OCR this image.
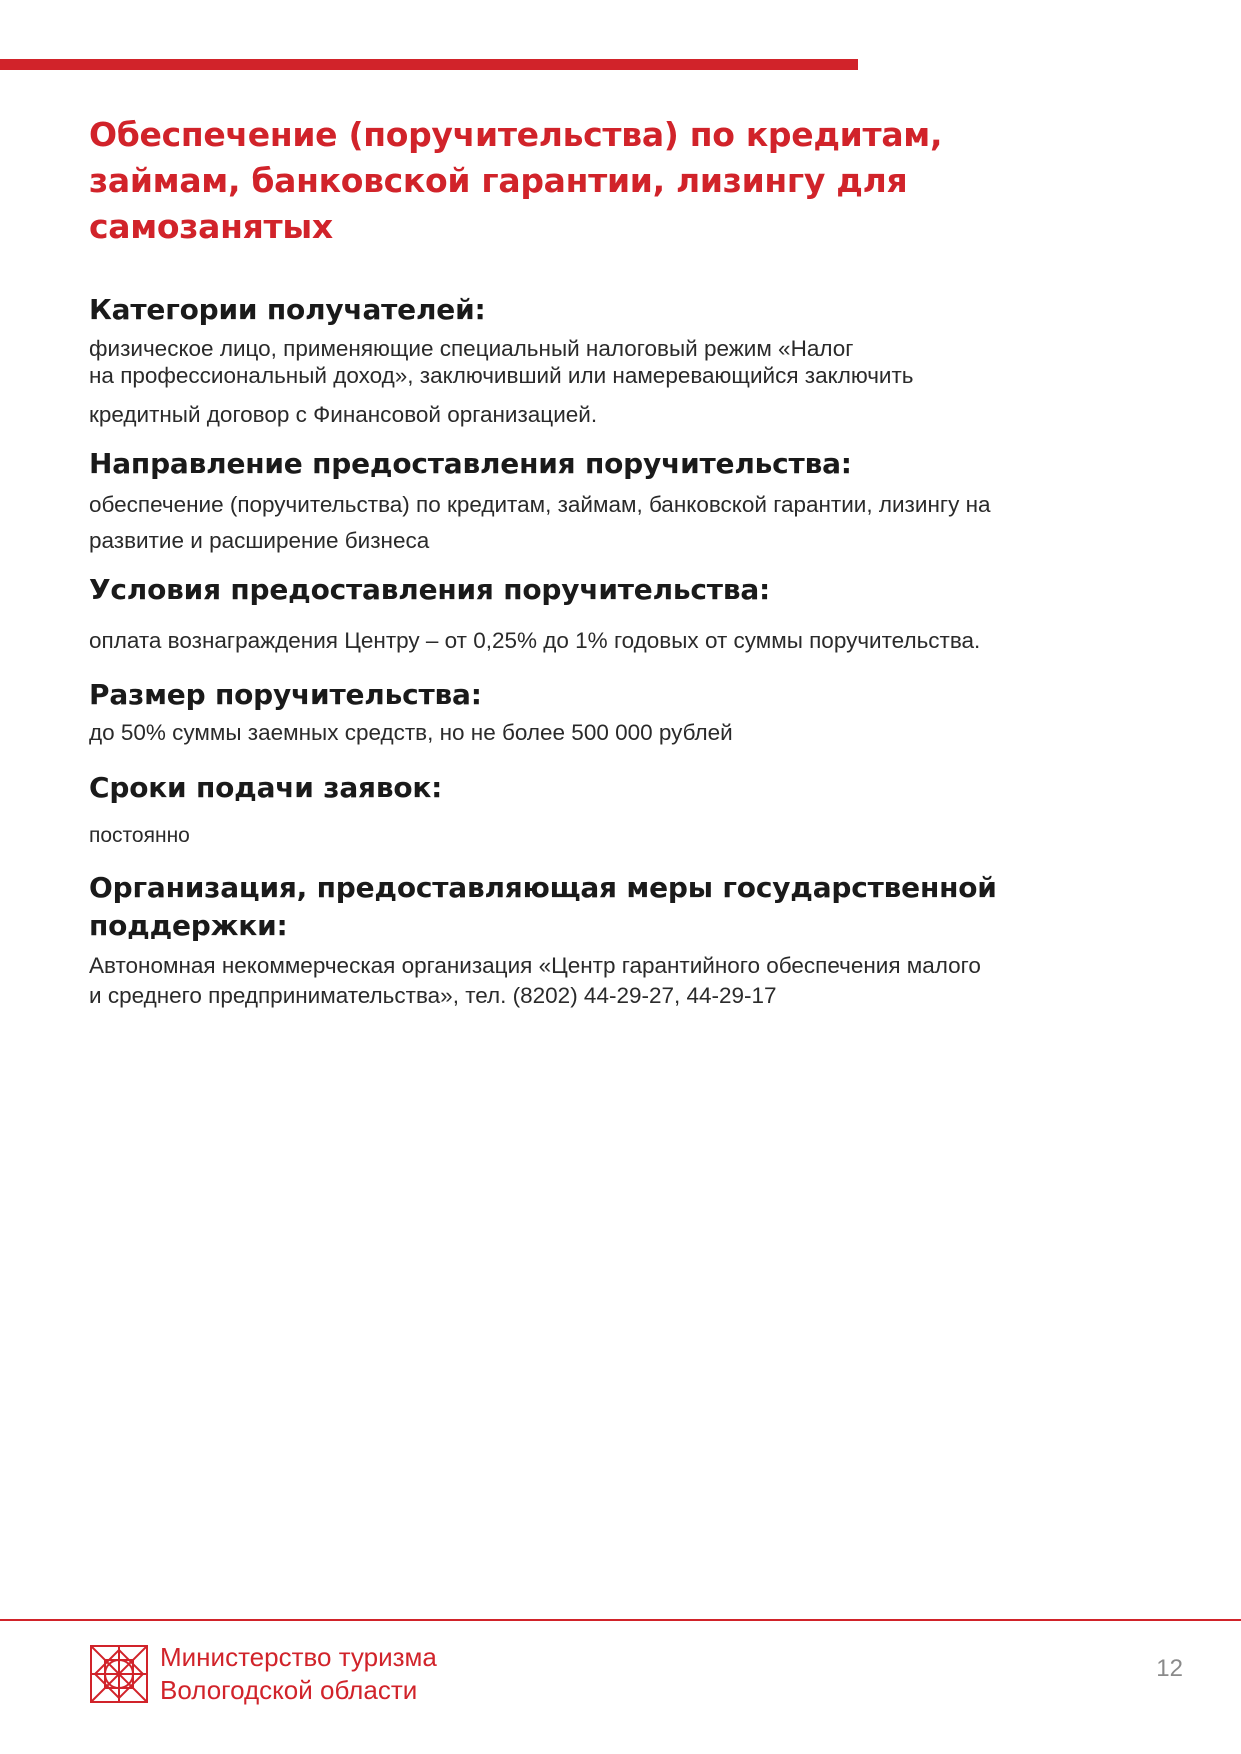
Обеспечение (поручительства) по кредитам, займам, банковской гарантии, лизингу для самозанятых
Категории получателей:

физическое лицо, применяющие специальный налоговый режим «Налог

на профессиональный доход», заключивший или намеревающийся заключить

кредитный договор с Финансовой организацией.

Направление предоставления поручительства:

обеспечение (поручительства) по кредитам, займам, банковской гарантии, лизингу на

развитие и расширение бизнеса

Условия предоставления поручительства:

оплата вознаграждения Центру – от 0,25% до 1% годовых от суммы поручительства.

Размер поручительства:

до 50% суммы заемных средств, но не более 500 000 рублей

Сроки подачи заявок:

постоянно

Организация, предоставляющая меры государственной
поддержки:

Автономная некоммерческая организация «Центр гарантийного обеспечения малого

и среднего предпринимательства», тел. (8202) 44-29-27, 44-29-17

Министерство туризма
Вологодской области
12
